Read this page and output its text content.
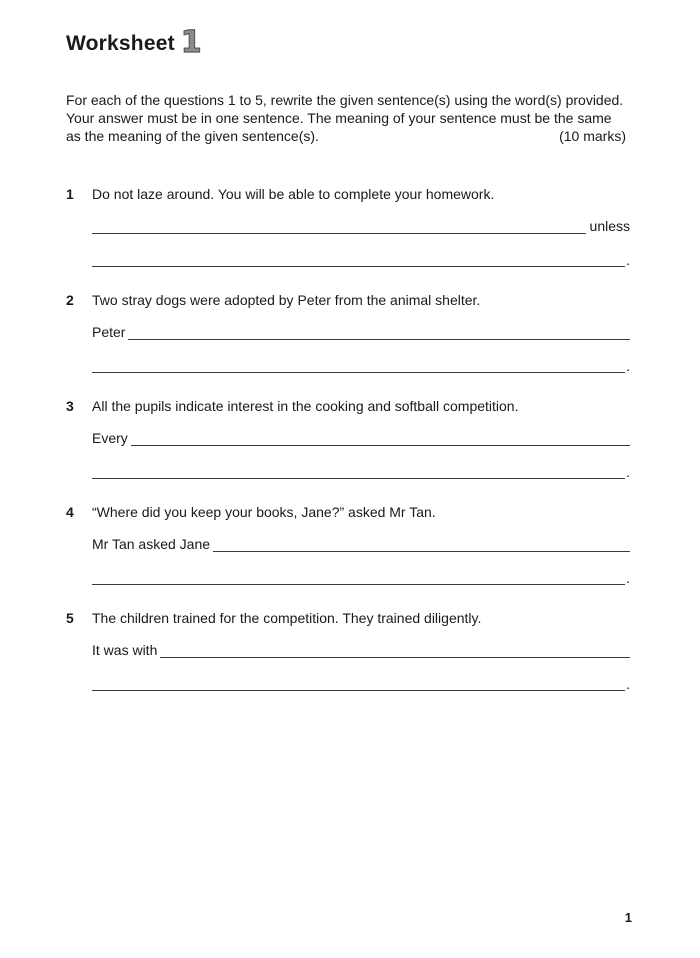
Worksheet 1
For each of the questions 1 to 5, rewrite the given sentence(s) using the word(s) provided.
Your answer must be in one sentence. The meaning of your sentence must be the same
as the meaning of the given sentence(s).	(10 marks)
1	Do not laze around. You will be able to complete your homework.
unless
.
2	Two stray dogs were adopted by Peter from the animal shelter.
Peter
.
3	All the pupils indicate interest in the cooking and softball competition.
Every
.
4	“Where did you keep your books, Jane?” asked Mr Tan.
Mr Tan asked Jane
.
5	The children trained for the competition. They trained diligently.
It was with
.
1
